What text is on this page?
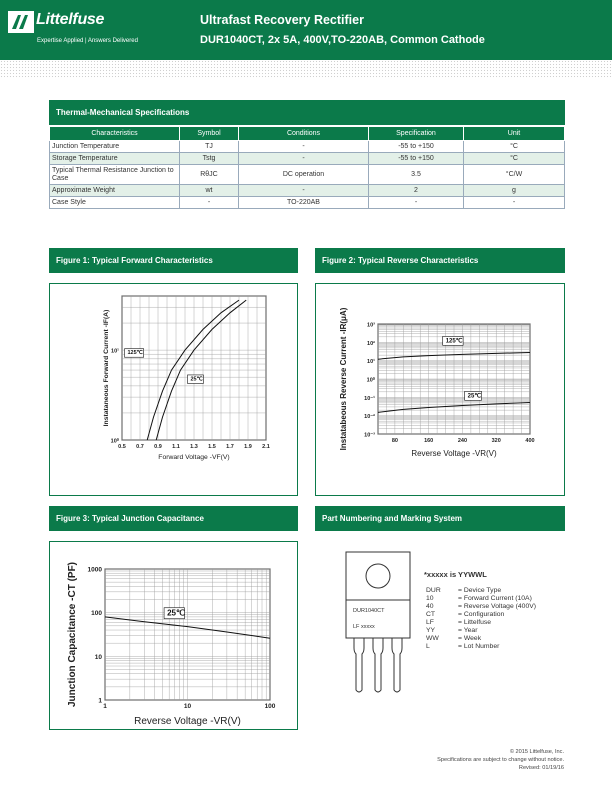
Littelfuse
Expertise Applied | Answers Delivered
Ultrafast Recovery Rectifier
DUR1040CT, 2x 5A, 400V,TO-220AB, Common Cathode
Thermal-Mechanical Specifications
Characteristics	Symbol	Conditions	Specification	Unit
Junction Temperature	TJ	-	-55 to +150	°C
Storage Temperature	Tstg	-	-55 to +150	°C
Typical Thermal Resistance Junction to Case	RθJC	DC operation	3.5	°C/W
Approximate Weight	wt	-	2	g
Case Style	-	TO-220AB	-	-
Figure 1: Typical Forward Characteristics	Figure 2: Typical Reverse Characteristics
Figure 3: Typical Junction Capacitance	Part Numbering and Marking System
0.5 0.7 0.9 1.1 1.3 1.5 1.7 1.9 2.1
10⁰
10¹
Forward Voltage -VF(V)
Instataneous Forward Current -IF(A)	125℃
25℃
80	160	240	320	400
10⁻³
10⁻²
10⁻¹
10⁰
10¹
10²
10³
Reverse Voltage -VR(V)
Instatabeous Reverse Current -IR(μA)	125℃
25℃
1	10	100
1
10
100
1000
Reverse Voltage -VR(V)
Junction Capacitance -CT (PF)	25℃	DUR1040CT
LF xxxxx
*xxxxx is YYWWL
DUR	= Device Type
10	= Forward Current (10A)
40	= Reverse Voltage (400V)
CT	= Configuration
LF	= Littelfuse
YY	= Year
WW	= Week
L	= Lot Number
© 2015 Littelfuse, Inc.
Specifications are subject to change without notice.
Revised: 01/19/16
